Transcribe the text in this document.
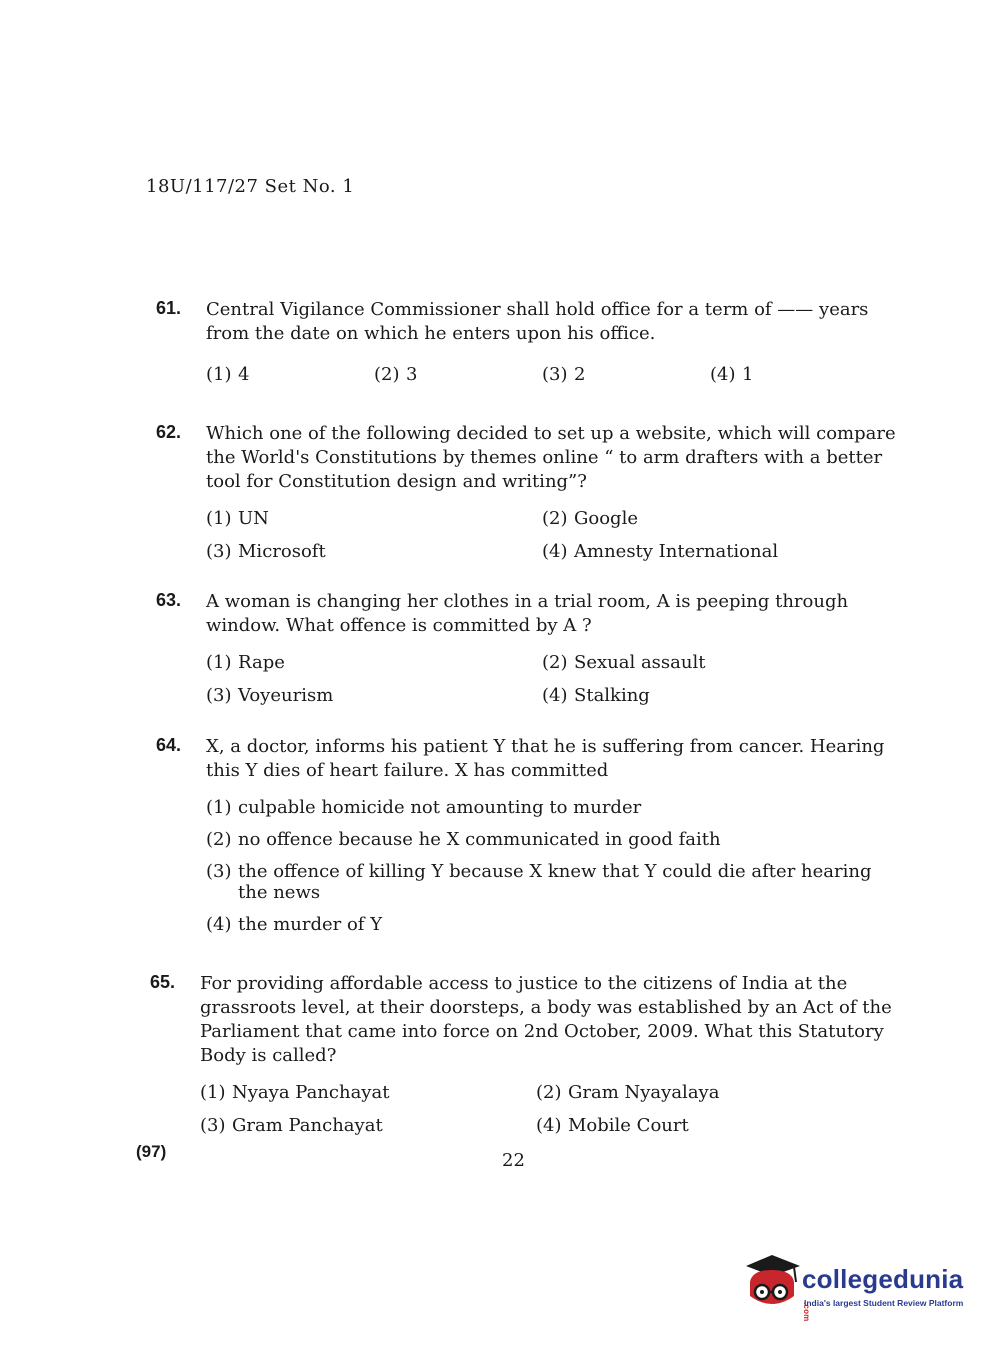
18U/117/27 Set No. 1
61. Central Vigilance Commissioner shall hold office for a term of —— years from the date on which he enters upon his office.
(1) 4	(2) 3	(3) 2	(4) 1
62. Which one of the following decided to set up a website, which will compare the World's Constitutions by themes online “ to arm drafters with a better tool for Constitution design and writing”?
(1) UN	(2) Google
(3) Microsoft	(4) Amnesty International
63. A woman is changing her clothes in a trial room, A is peeping through window. What offence is committed by A ?
(1) Rape	(2) Sexual assault
(3) Voyeurism	(4) Stalking
64. X, a doctor, informs his patient Y that he is suffering from cancer. Hearing this Y dies of heart failure. X has committed
(1) culpable homicide not amounting to murder
(2) no offence because he X communicated in good faith
(3) the offence of killing Y because X knew that Y could die after hearing the news
(4) the murder of Y
65. For providing affordable access to justice to the citizens of India at the grassroots level, at their doorsteps, a body was established by an Act of the Parliament that came into force on 2nd October, 2009. What this Statutory Body is called?
(1) Nyaya Panchayat	(2) Gram Nyayalaya
(3) Gram Panchayat	(4) Mobile Court
(97)	22
collegedunia.com
India's largest Student Review Platform
